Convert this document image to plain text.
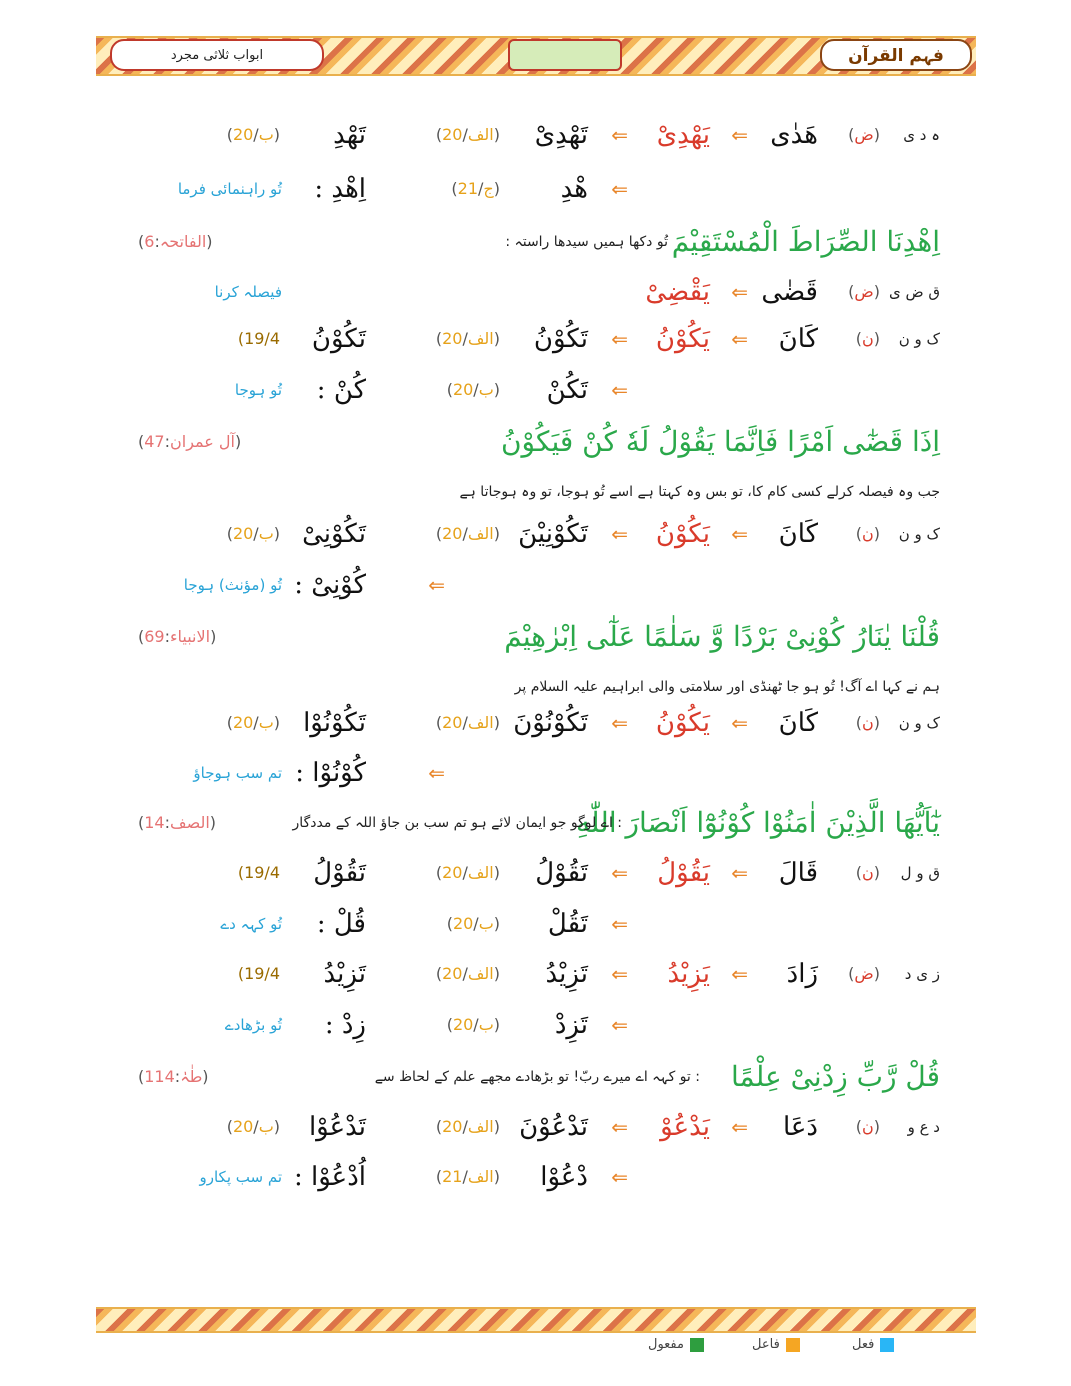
ابواب ثلاثی مجرد	فہم القرآن
ہ د ی
(ض)
هَدٰى
⇐
يَهْدِىْ
⇐
تَهْدِىْ
(الف/20)
تَهْدِ
(ب/20)
⇐
هْدِ
(ج/21)
اِهْدِ :
تُو راہنمائی فرما
اِهْدِنَا الصِّرَاطَ الْمُسْتَقِيْمَ
تُو دکھا ہمیں سیدھا راستہ :
(الفاتحہ:6)
ق ض ى
(ض)
قَضٰى
⇐
يَقْضِىْ
فیصلہ کرنا
ک و ن
(ن)
كَانَ
⇐
يَكُوْنُ
⇐
تَكُوْنُ
(الف/20)
تَكُوْنُ
(19/4
⇐
تَكُنْ
(ب/20)
كُنْ :
تُو ہوجا
اِذَا قَضٰٓى اَمْرًا فَاِنَّمَا يَقُوْلُ لَهٗ كُنْ فَيَكُوْنُ
جب وہ فیصلہ کرلے کسی کام کا، تو بس وہ کہتا ہے اسے تُو ہوجا، تو وہ ہوجاتا ہے
(آل عمران:47)
ک و ن
(ن)
كَانَ
⇐
يَكُوْنُ
⇐
تَكُوْنِيْنَ
(الف/20)
تَكُوْنِىْ
(ب/20)
⇐
كُوْنِىْ :
تُو (مؤنث) ہوجا
قُلْنَا يٰنَارُ كُوْنِىْ بَرْدًا وَّ سَلٰمًا عَلٰٓى اِبْرٰهِيْمَ
ہم نے کہا اے آگ! تُو ہو جا ٹھنڈی اور سلامتی والی ابراہیم علیہ السلام پر
(الانبیاء:69)
ک و ن
(ن)
كَانَ
⇐
يَكُوْنُ
⇐
تَكُوْنُوْنَ
(الف/20)
تَكُوْنُوْا
(ب/20)
⇐
كُوْنُوْا :
تم سب ہوجاؤ
يٰٓاَيُّهَا الَّذِيْنَ اٰمَنُوْا كُوْنُوْٓا اَنْصَارَ اللّٰهِ
: اے لوگو جو ایمان لائے ہو تم سب بن جاؤ اللہ کے مددگار
(الصف:14)
ق و ل
(ن)
قَالَ
⇐
يَقُوْلُ
⇐
تَقُوْلُ
(الف/20)
تَقُوْلُ
(19/4
⇐
تَقُلْ
(ب/20)
قُلْ :
تُو کہہ دے
ز ی د
(ض)
زَادَ
⇐
يَزِيْدُ
⇐
تَزِيْدُ
(الف/20)
تَزِيْدُ
(19/4
⇐
تَزِدْ
(ب/20)
زِدْ :
تُو بڑھادے
قُلْ رَّبِّ زِدْنِىْ عِلْمًا
: تو کہہ اے میرے ربّ! تو بڑھادے مجھے علم کے لحاظ سے
(طٰہٰ:114)
د ع و
(ن)
دَعَا
⇐
يَدْعُوْ
⇐
تَدْعُوْنَ
(الف/20)
تَدْعُوْا
(ب/20)
⇐
دْعُوْا
(الف/21)
اُدْعُوْا :
تم سب پکارو
فعل
فاعل
مفعول
